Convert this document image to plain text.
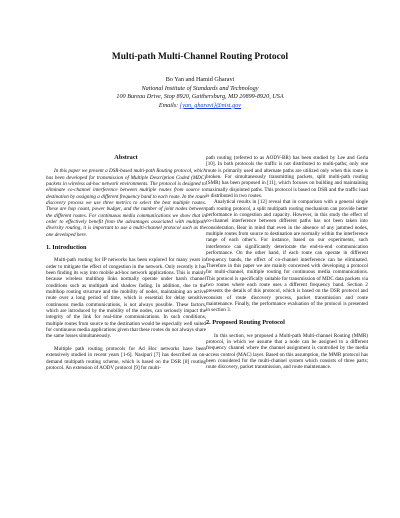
Multi-path Multi-Channel Routing Protocol
Bo Yan and Hamid Gharavi
National Institute of Standards and Technology
100 Bureau Drive, Stop 8920, Gaithersburg, MD 20899-8920, USA
Emails: {yan, gharavi}@nist.gov
Abstract

In this paper we present a DSR-based multi-path Routing protocol, which has been developed for transmission of Multiple Description Coded (MDC) packets in wireless ad-hoc network environments. The protocol is designed to eliminate co-channel interference between multiple routes from source to destination by assigning a different frequency band to each route. In the route discovery process we use three metrics to select the best multiple routes. These are hop count, power budget, and the number of joint nodes between the different routes. For continuous media communications we show that in order to effectively benefit from the advantages associated with multipath diversity routing, it is important to use a multi-channel protocol such as the one developed here.

1. Introduction

Multi-path routing for IP networks has been explored for many years in order to mitigate the effect of congestion in the network. Only recently it has been finding its way into mobile ad-hoc network applications. This is mainly because wireless multihop links normally operate under harsh channel conditions such as multipath and shadow fading. In addition, due to the multihop routing structure and the mobility of nodes, maintaining an active route over a long period of time, which is essential for delay sensitive continuous media communications, is not always possible. These factors, which are introduced by the mobility of the nodes, can seriously impact the integrity of the link for real-time communications. In such conditions, multiple routes from source to the destination would be especially well suited for continuous media applications given that these routes do not always share the same losses simultaneously.

Multiple path routing protocols for Ad Hoc networks have been extensively studied in recent years [1-6]. Nasipuri [7] has described an on-demand multipath routing scheme, which is based on the DSR [8] routing protocol. An extension of AODV protocol [9] for multi-

path routing (referred to as AODV-BR) has been studied by Lee and Gerla [10]. In both protocols the traffic is not distributed to multi-paths; only one route is primarily used and alternate paths are utilized only when this route is broken. For simultaneously transmitting packets, split multi-path routing (SMR) has been proposed in [11], which focuses on building and maintaining maximally disjointed paths. This protocol is based on DSR and the traffic load is distributed in two routes.

Analytical results in [12] reveal that in comparison with a general single path routing protocol, a split multipath routing mechanism can provide better performance in congestion and capacity. However, in this study the effect of co-channel interference between different paths has not been taken into consideration. Bear in mind that even in the absence of any jammed nodes, multiple routes from source to destination are normally within the interference range of each other's. For instance, based on our experiments, such interference can significantly deteriorate the end-to-end communication performance. On the other hand, if each route can operate in different frequency bands, the effect of co-channel interference can be eliminated. Therefore in this paper we are mainly concerned with developing a protocol for multi-channel, multiple routing for continuous media communications. This protocol is specifically suitable for transmission of MDC data packets via two routes where each route uses a different frequency band. Section 2 presents the details of this protocol, which is based on the DSR protocol and consists of route discovery process, packet transmission and route maintenance. Finally, the performance evaluation of the protocol is presented in section 3.

2. Proposed Routing Protocol

In this section, we proposed a Multi-path Multi-channel Routing (MMR) protocol, in which we assume that a node can be assigned to a different frequency channel where the channel assignment is controlled by the media access control (MAC) layer. Based on this assumption, the MMR protocol has been considered for the multi-channel system which consists of three parts; route discovery, packet transmission, and route maintenance.
